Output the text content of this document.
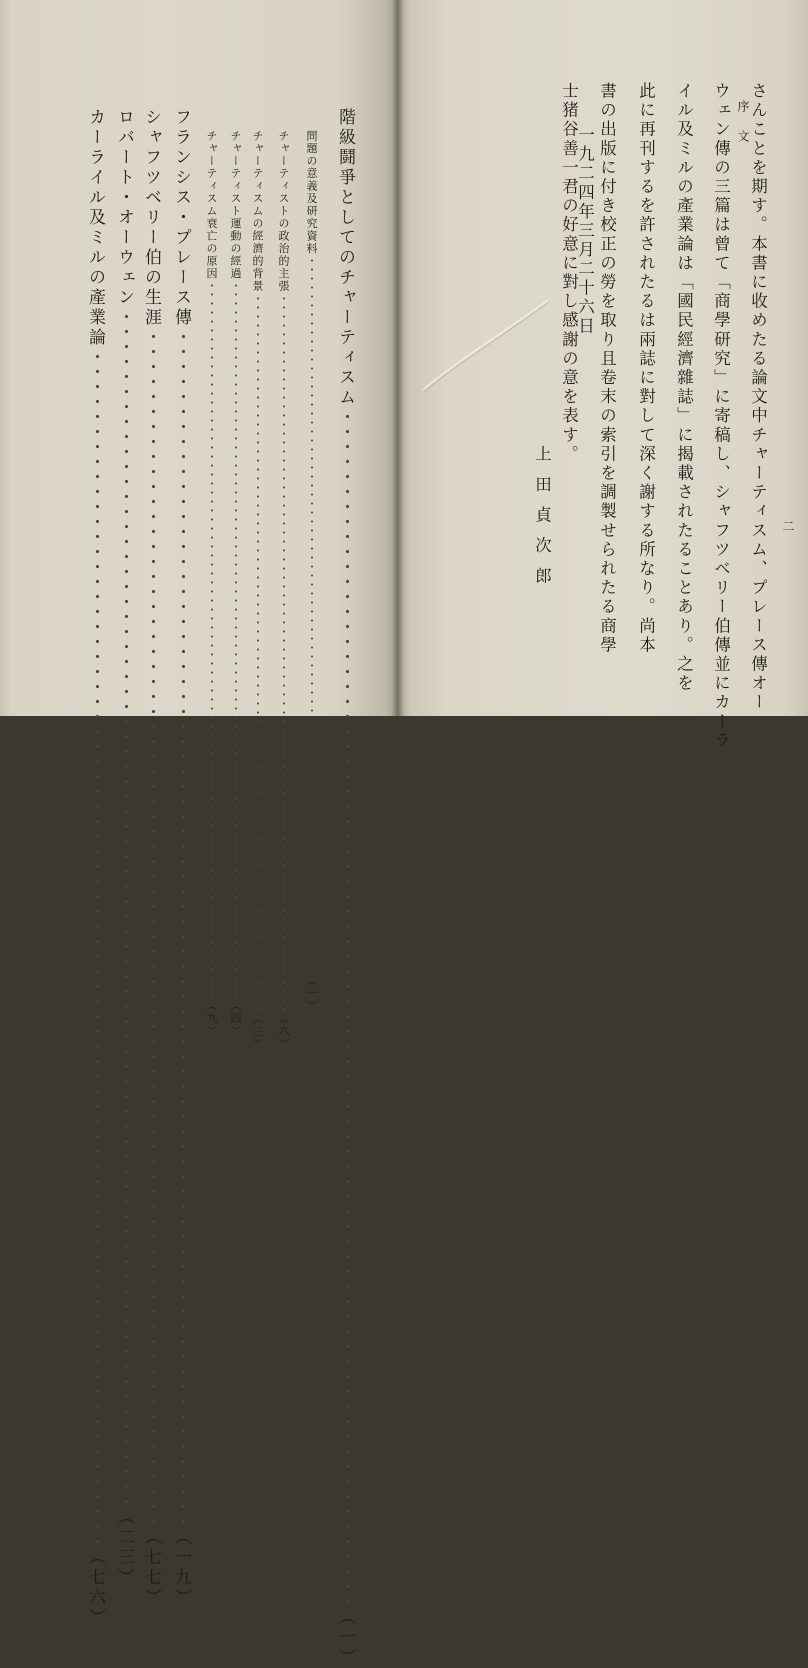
階級鬪爭としてのチャーティスム
・・・・・・・・・・・・・・・・・・・・・・・・・・・・・・・・・・・・・・・・・・・・・・・・・・・・・・・・・・・・・・・・・・・・・・・・・・・・・・・・
（一）
問題の意義及研究資料
・・・・・・・・・・・・・・・・・・・・・・・・・・・・・・・・・・・・・・・・・・・・・・・・・・・・・・・・・・・・・・・・・・・・・・・・・・・・・・・・
（一）
チャーティストの政治的主張
・・・・・・・・・・・・・・・・・・・・・・・・・・・・・・・・・・・・・・・・・・・・・・・・・・・・・・・・・・・・・・・・・・・・・・・・・・・・・・・・
（六）
チャーティスムの經濟的背景
・・・・・・・・・・・・・・・・・・・・・・・・・・・・・・・・・・・・・・・・・・・・・・・・・・・・・・・・・・・・・・・・・・・・・・・・・・・・・・・・
（三）
チャーティスト運動の經過
・・・・・・・・・・・・・・・・・・・・・・・・・・・・・・・・・・・・・・・・・・・・・・・・・・・・・・・・・・・・・・・・・・・・・・・・・・・・・・・・
（四）
チャーティスム衰亡の原因
・・・・・・・・・・・・・・・・・・・・・・・・・・・・・・・・・・・・・・・・・・・・・・・・・・・・・・・・・・・・・・・・・・・・・・・・・・・・・・・・
（九）
フランシス・プレース傳
・・・・・・・・・・・・・・・・・・・・・・・・・・・・・・・・・・・・・・・・・・・・・・・・・・・・・・・・・・・・・・・・・・・・・・・・・・・・・・・・
（一九）
シャフツベリー伯の生涯
・・・・・・・・・・・・・・・・・・・・・・・・・・・・・・・・・・・・・・・・・・・・・・・・・・・・・・・・・・・・・・・・・・・・・・・・・・・・・・・・
（七七）
ロバート・オーウェン
・・・・・・・・・・・・・・・・・・・・・・・・・・・・・・・・・・・・・・・・・・・・・・・・・・・・・・・・・・・・・・・・・・・・・・・・・・・・・・・・
（二三）
カーライル及ミルの產業論
・・・・・・・・・・・・・・・・・・・・・・・・・・・・・・・・・・・・・・・・・・・・・・・・・・・・・・・・・・・・・・・・・・・・・・・・・・・・・・・・
（七六）
序　文
二
さんことを期す。本書に收めたる論文中チャーティスム、プレース傳オー
ウェン傳の三篇は曾て「商學研究」に寄稿し、シャフツベリー伯傳並にカーラ
イル及ミルの產業論は「國民經濟雜誌」に揭載されたることあり。之を
此に再刊するを許されたるは兩誌に對して深く謝する所なり。尚本
書の出版に付き校正の勞を取り且卷末の索引を調製せられたる商學
士猪谷善一君の好意に對し感謝の意を表す。
一九二四年三月二十六日
上田貞次郎
